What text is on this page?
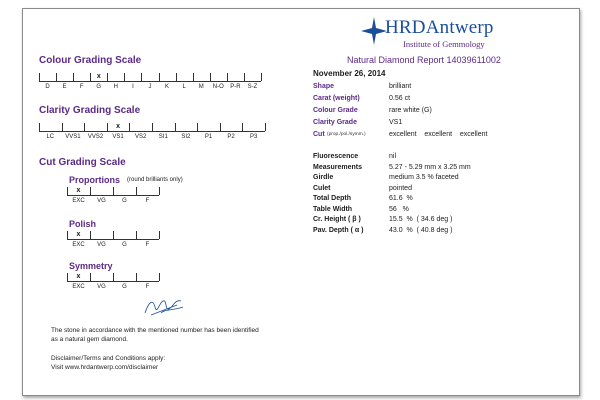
HRDAntwerp
Institute of Gemmology
Natural Diamond Report 14039611002
November 26, 2014
Colour Grading Scale
D E F G H I J K L M N-O P-R S-Z
x
Clarity Grading Scale
LC VVS1 VVS2 VS1 VS2 SI1 SI2 P1	P2	P3
x
Cut Grading Scale
Proportions (round brilliants only)
EXC VG	G	F
x
Polish
EXC VG	G	F
x
Symmetry
EXC VG	G	F
x
The stone in accordance with the mentioned number has been identified
as a natural gem diamond.
Disclaimer/Terms and Conditions apply:
Visit www.hrdantwerp.com/disclaimer
Shape	brilliant
Carat (weight)	0.56 ct
Colour Grade	rare white (G)
Clarity Grade	VS1
Cut (prop./pol./symm.)	excellent    excellent    excellent
Fluorescence	nil
Measurements	5.27 - 5.29 mm x 3.25 mm
Girdle	medium 3.5 % faceted
Culet	pointed
Total Depth	61.6  %
Table Width	56   %
Cr. Height ( β )	15.5  %  ( 34.6 deg )
Pav. Depth ( α )	43.0  %  ( 40.8 deg )
